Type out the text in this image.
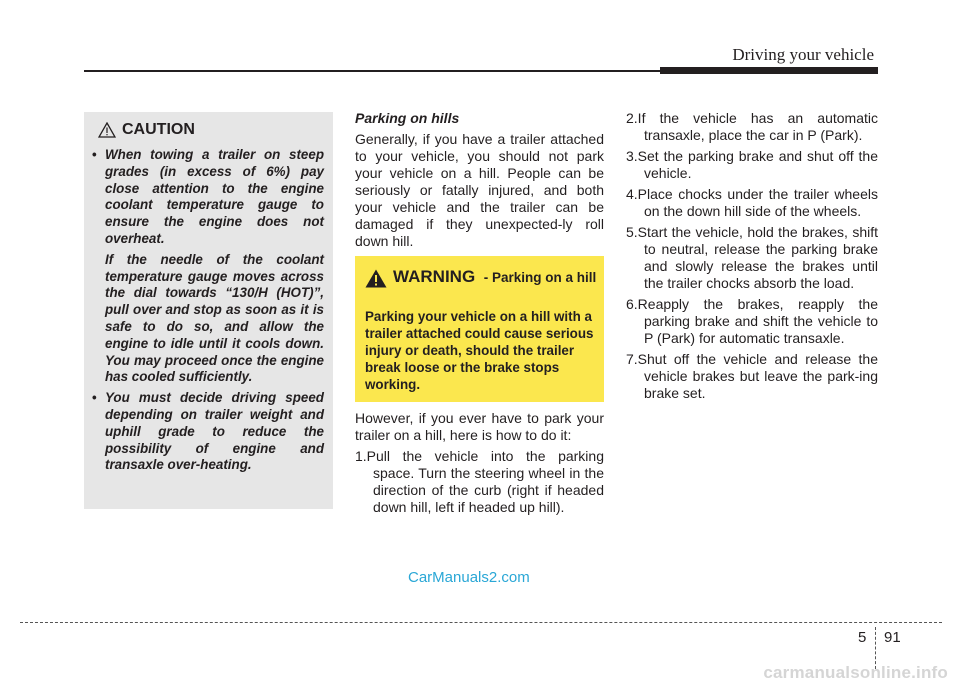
Driving your vehicle
CAUTION

• When towing a trailer on steep grades (in excess of 6%) pay close attention to the engine coolant temperature gauge to ensure the engine does not overheat.

If the needle of the coolant temperature gauge moves across the dial towards “130/H (HOT)”, pull over and stop as soon as it is safe to do so, and allow the engine to idle until it cools down. You may proceed once the engine has cooled sufficiently.

• You must decide driving speed depending on trailer weight and uphill grade to reduce the possibility of engine and transaxle over-heating.

Parking on hills

Generally, if you have a trailer attached to your vehicle, you should not park your vehicle on a hill. People can be seriously or fatally injured, and both your vehicle and the trailer can be damaged if they unexpected-ly roll down hill.

WARNING - Parking on a hill
Parking your vehicle on a hill with a trailer attached could cause serious injury or death, should the trailer break loose or the brake stops working.

However, if you ever have to park your trailer on a hill, here is how to do it:

1.Pull the vehicle into the parking space. Turn the steering wheel in the direction of the curb (right if headed down hill, left if headed up hill).
2.If the vehicle has an automatic transaxle, place the car in P (Park).
3.Set the parking brake and shut off the vehicle.
4.Place chocks under the trailer wheels on the down hill side of the wheels.
5.Start the vehicle, hold the brakes, shift to neutral, release the parking brake and slowly release the brakes until the trailer chocks absorb the load.
6.Reapply the brakes, reapply the parking brake and shift the vehicle to P (Park) for automatic transaxle.
7.Shut off the vehicle and release the vehicle brakes but leave the park-ing brake set.
CarManuals2.com
5 91
carmanualsonline.info
